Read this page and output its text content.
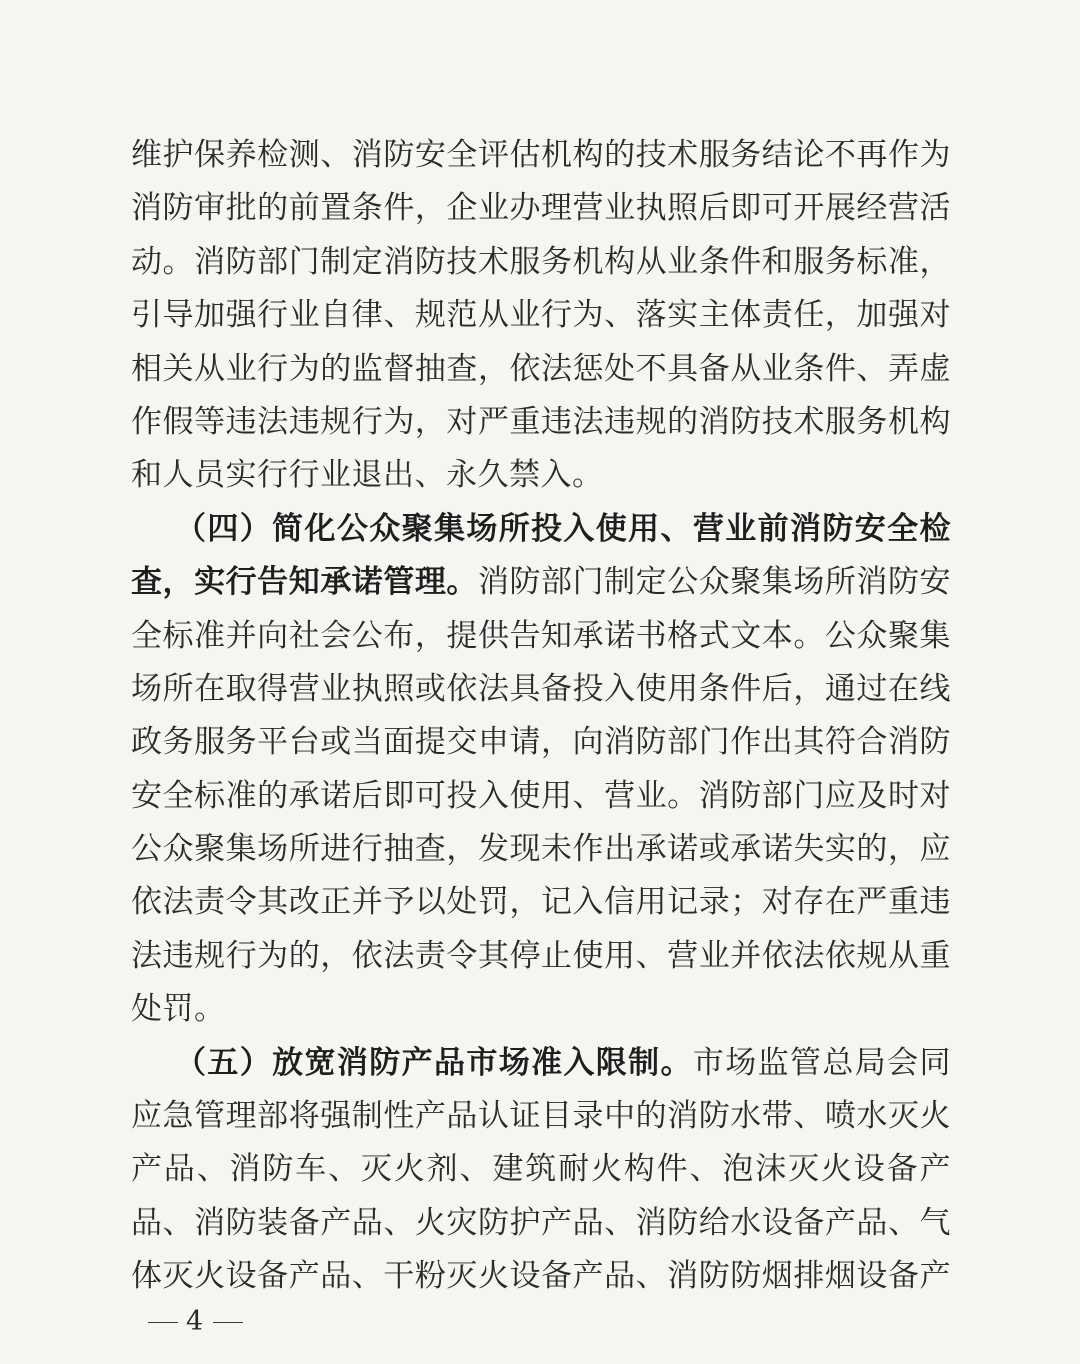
维护保养检测、消防安全评估机构的技术服务结论不再作为
消防审批的前置条件，企业办理营业执照后即可开展经营活
动。消防部门制定消防技术服务机构从业条件和服务标准，
引导加强行业自律、规范从业行为、落实主体责任，加强对
相关从业行为的监督抽查，依法惩处不具备从业条件、弄虚
作假等违法违规行为，对严重违法违规的消防技术服务机构
和人员实行行业退出、永久禁入。
（四）简化公众聚集场所投入使用、营业前消防安全检
查，实行告知承诺管理。消防部门制定公众聚集场所消防安
全标准并向社会公布，提供告知承诺书格式文本。公众聚集
场所在取得营业执照或依法具备投入使用条件后，通过在线
政务服务平台或当面提交申请，向消防部门作出其符合消防
安全标准的承诺后即可投入使用、营业。消防部门应及时对
公众聚集场所进行抽查，发现未作出承诺或承诺失实的，应
依法责令其改正并予以处罚，记入信用记录；对存在严重违
法违规行为的，依法责令其停止使用、营业并依法依规从重
处罚。
（五）放宽消防产品市场准入限制。市场监管总局会同
应急管理部将强制性产品认证目录中的消防水带、喷水灭火
产品、消防车、灭火剂、建筑耐火构件、泡沫灭火设备产
品、消防装备产品、火灾防护产品、消防给水设备产品、气
体灭火设备产品、干粉灭火设备产品、消防防烟排烟设备产
4
